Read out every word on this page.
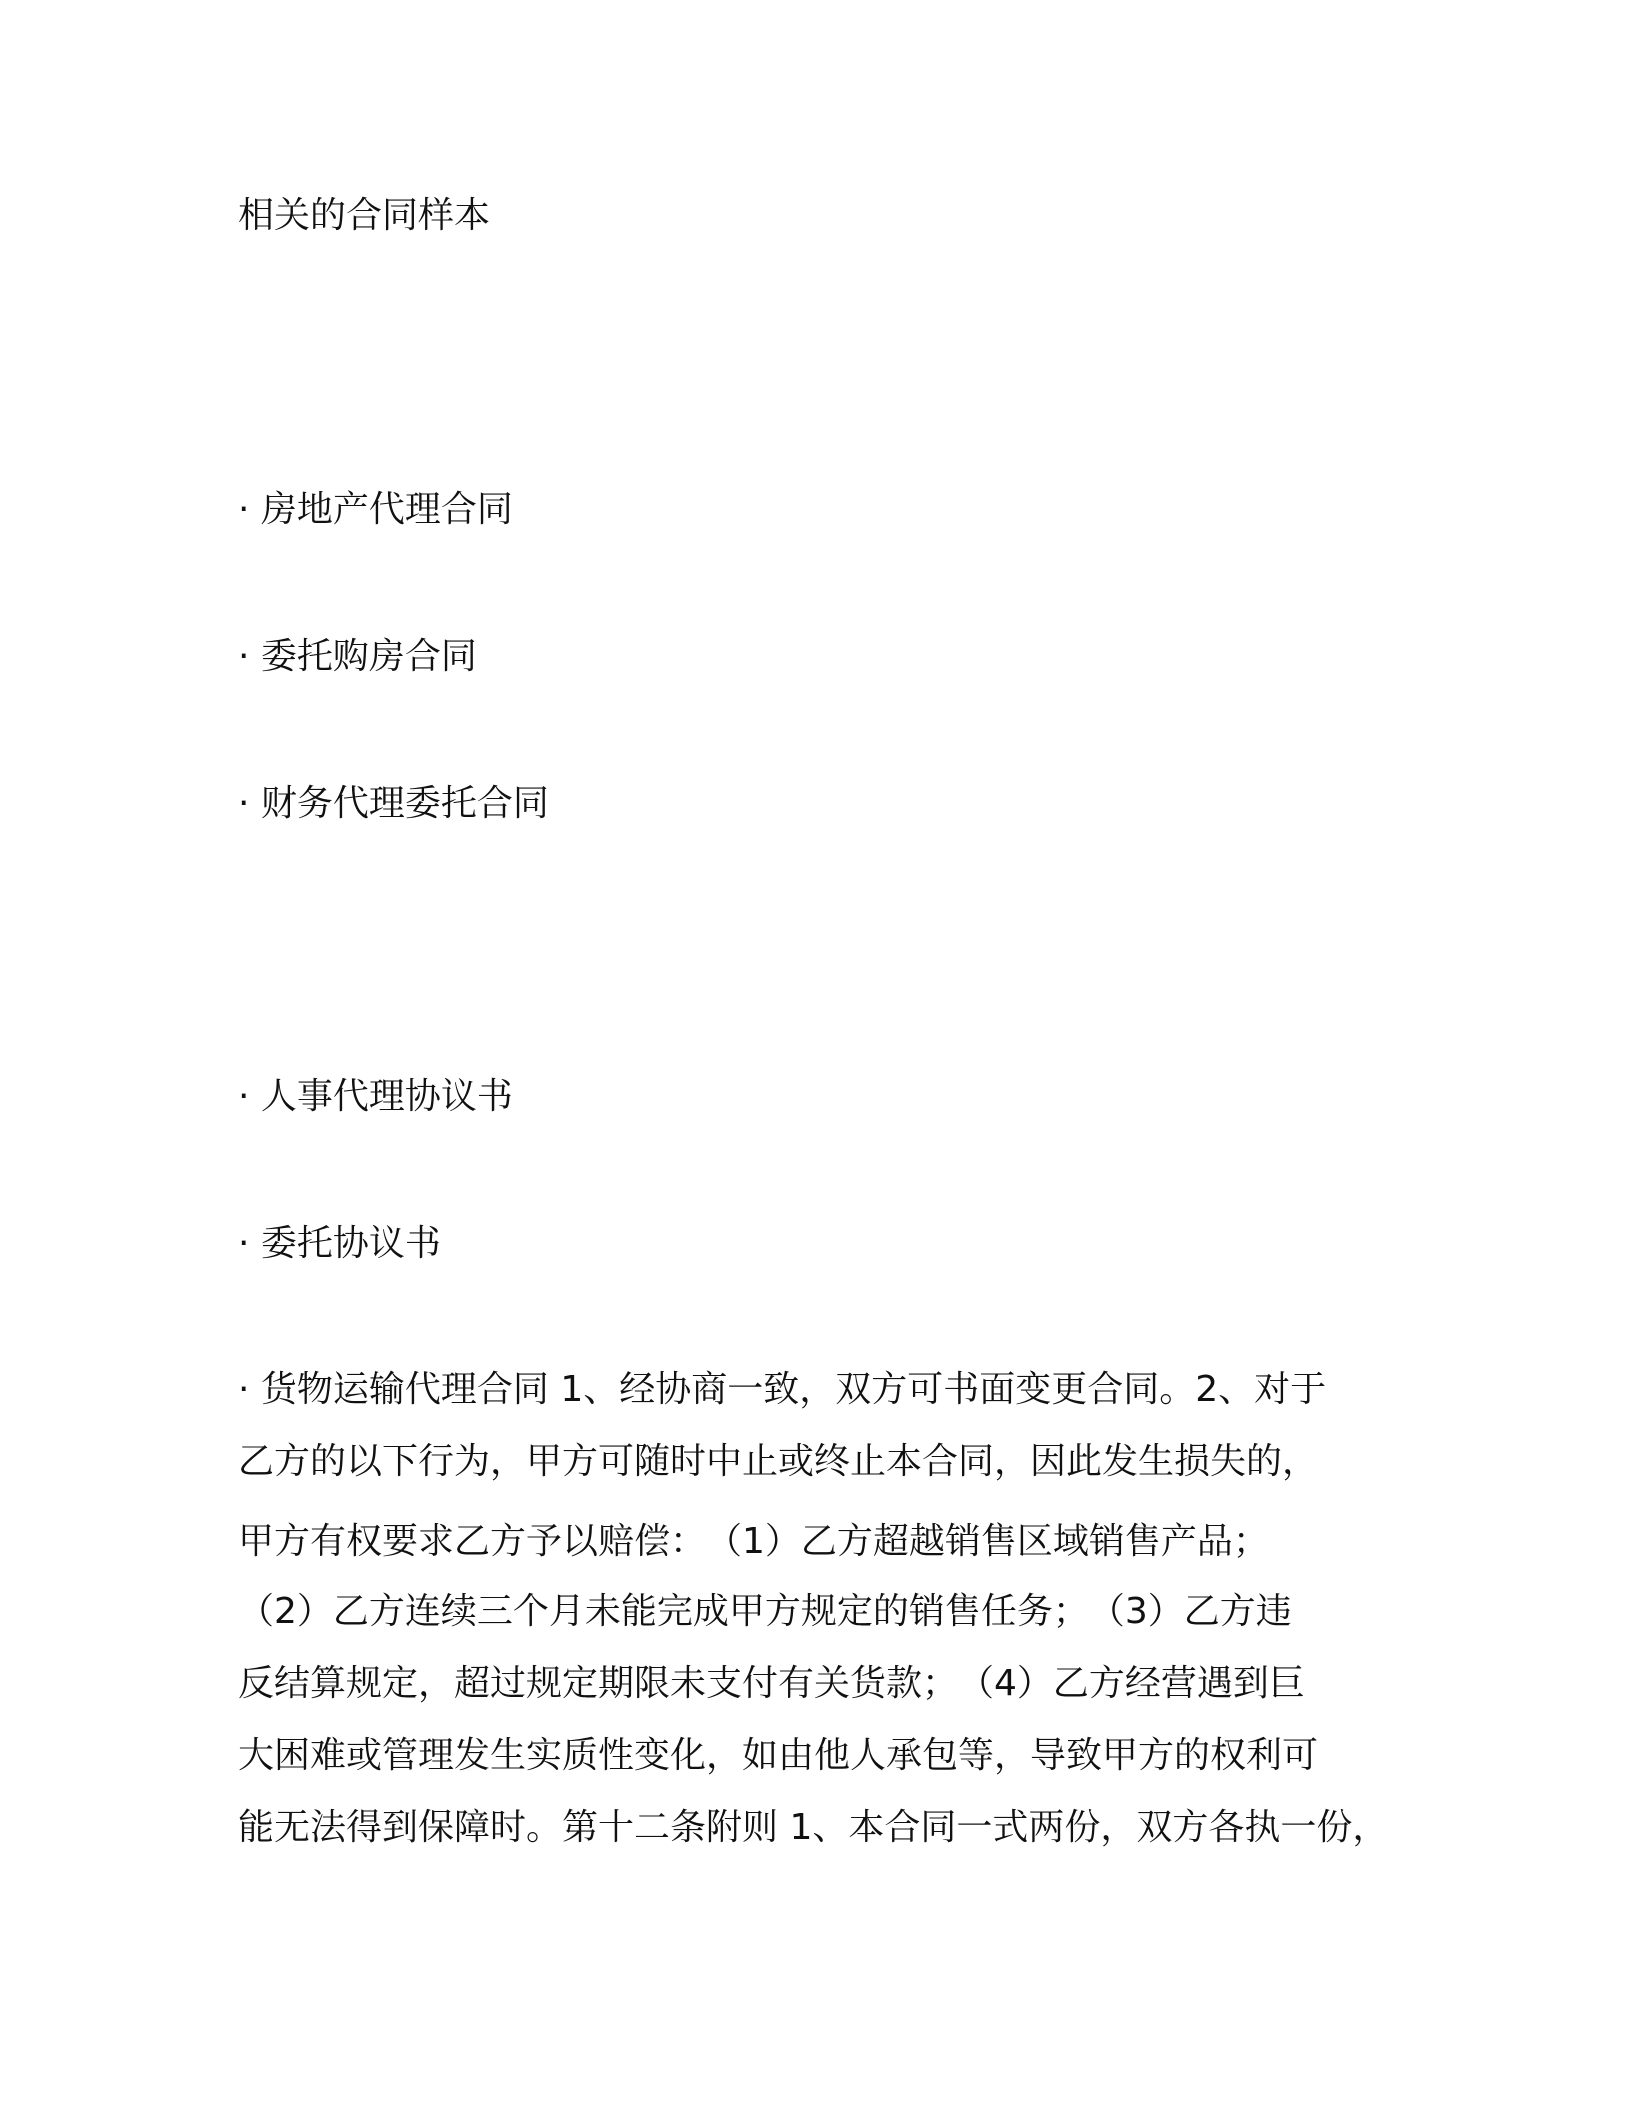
相关的合同样本

· 房地产代理合同

· 委托购房合同

· 财务代理委托合同

· 人事代理协议书

· 委托协议书

· 货物运输代理合同 1、经协商一致，双方可书面变更合同。2、对于
乙方的以下行为，甲方可随时中止或终止本合同，因此发生损失的，
甲方有权要求乙方予以赔偿：　（1）乙方超越销售区域销售产品；
（2）乙方连续三个月未能完成甲方规定的销售任务；　（3）乙方违
反结算规定，超过规定期限未支付有关货款；　（4）乙方经营遇到巨
大困难或管理发生实质性变化，如由他人承包等，导致甲方的权利可
能无法得到保障时。第十二条附则 1、本合同一式两份，双方各执一份，
